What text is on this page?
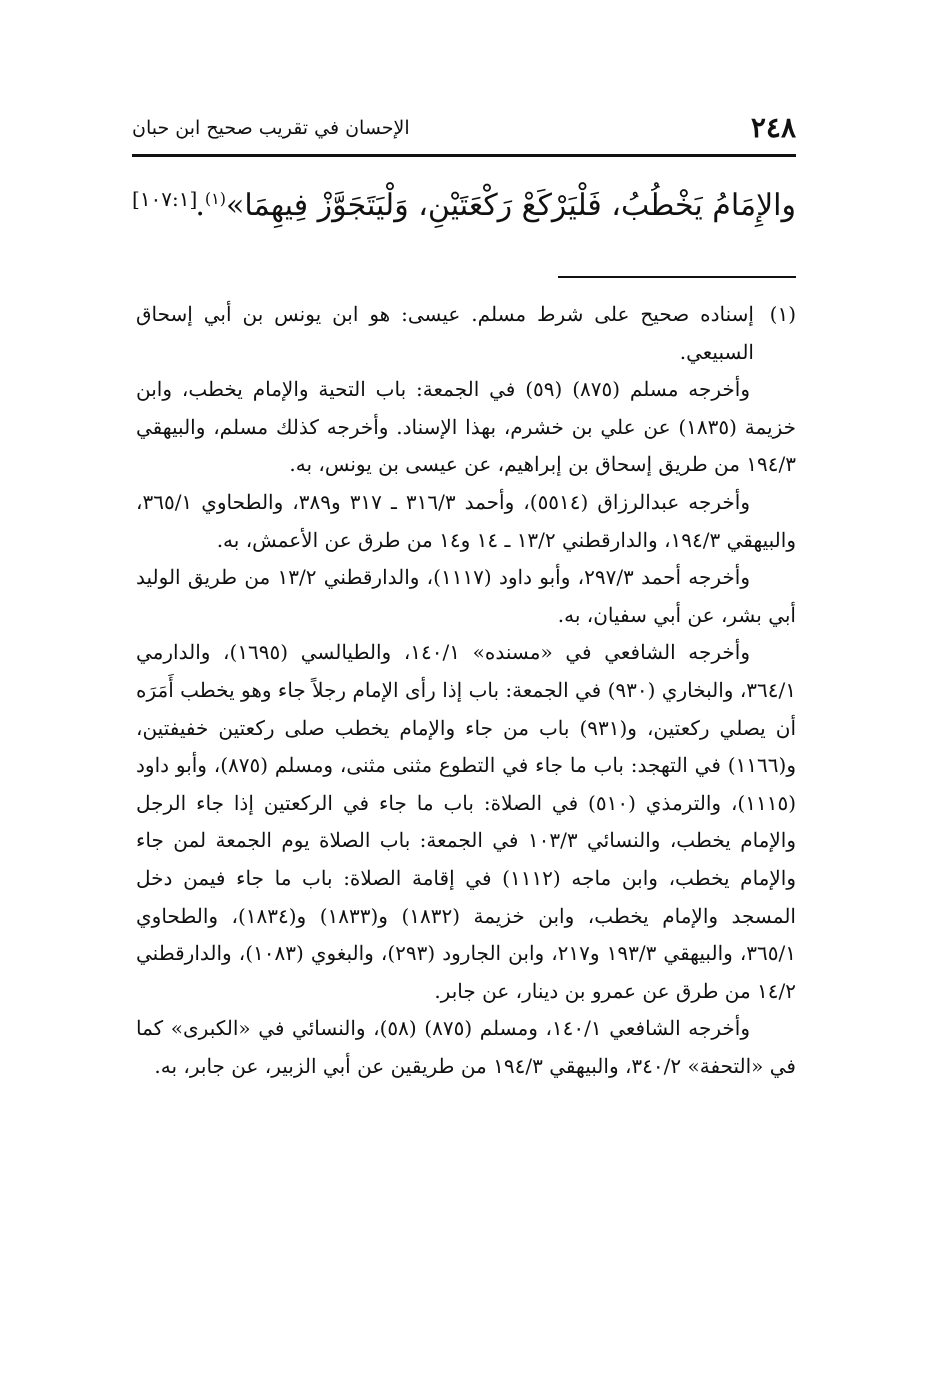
٢٤٨
الإحسان في تقريب صحيح ابن حبان
والإِمَامُ يَخْطُبُ، فَلْيَرْكَعْ رَكْعَتَيْنِ، وَلْيَتَجَوَّزْ فِيهِمَا»$^{(١)}$.
[١٠٧:١]

(١)
إسناده صحيح على شرط مسلم. عيسى: هو ابن يونس بن أبي إسحاق السبيعي.

وأخرجه مسلم (٨٧٥) (٥٩) في الجمعة: باب التحية والإمام يخطب، وابن خزيمة (١٨٣٥) عن علي بن خشرم، بهذا الإسناد. وأخرجه كذلك مسلم، والبيهقي ١٩٤/٣ من طريق إسحاق بن إبراهيم، عن عيسى بن يونس، به.

وأخرجه عبدالرزاق (٥٥١٤)، وأحمد ٣١٦/٣ ـ ٣١٧ و٣٨٩، والطحاوي ٣٦٥/١، والبيهقي ١٩٤/٣، والدارقطني ١٣/٢ ـ ١٤ و١٤ من طرق عن الأعمش، به.

وأخرجه أحمد ٢٩٧/٣، وأبو داود (١١١٧)، والدارقطني ١٣/٢ من طريق الوليد أبي بشر، عن أبي سفيان، به.

وأخرجه الشافعي في «مسنده» ١٤٠/١، والطيالسي (١٦٩٥)، والدارمي ٣٦٤/١، والبخاري (٩٣٠) في الجمعة: باب إذا رأى الإمام رجلاً جاء وهو يخطب أَمَرَه أن يصلي ركعتين، و(٩٣١) باب من جاء والإمام يخطب صلى ركعتين خفيفتين، و(١١٦٦) في التهجد: باب ما جاء في التطوع مثنى مثنى، ومسلم (٨٧٥)، وأبو داود (١١١٥)، والترمذي (٥١٠) في الصلاة: باب ما جاء في الركعتين إذا جاء الرجل والإمام يخطب، والنسائي ١٠٣/٣ في الجمعة: باب الصلاة يوم الجمعة لمن جاء والإمام يخطب، وابن ماجه (١١١٢) في إقامة الصلاة: باب ما جاء فيمن دخل المسجد والإمام يخطب، وابن خزيمة (١٨٣٢) و(١٨٣٣) و(١٨٣٤)، والطحاوي ٣٦٥/١، والبيهقي ١٩٣/٣ و٢١٧، وابن الجارود (٢٩٣)، والبغوي (١٠٨٣)، والدارقطني ١٤/٢ من طرق عن عمرو بن دينار، عن جابر.

وأخرجه الشافعي ١٤٠/١، ومسلم (٨٧٥) (٥٨)، والنسائي في «الكبرى» كما في «التحفة» ٣٤٠/٢، والبيهقي ١٩٤/٣ من طريقين عن أبي الزبير، عن جابر، به.
